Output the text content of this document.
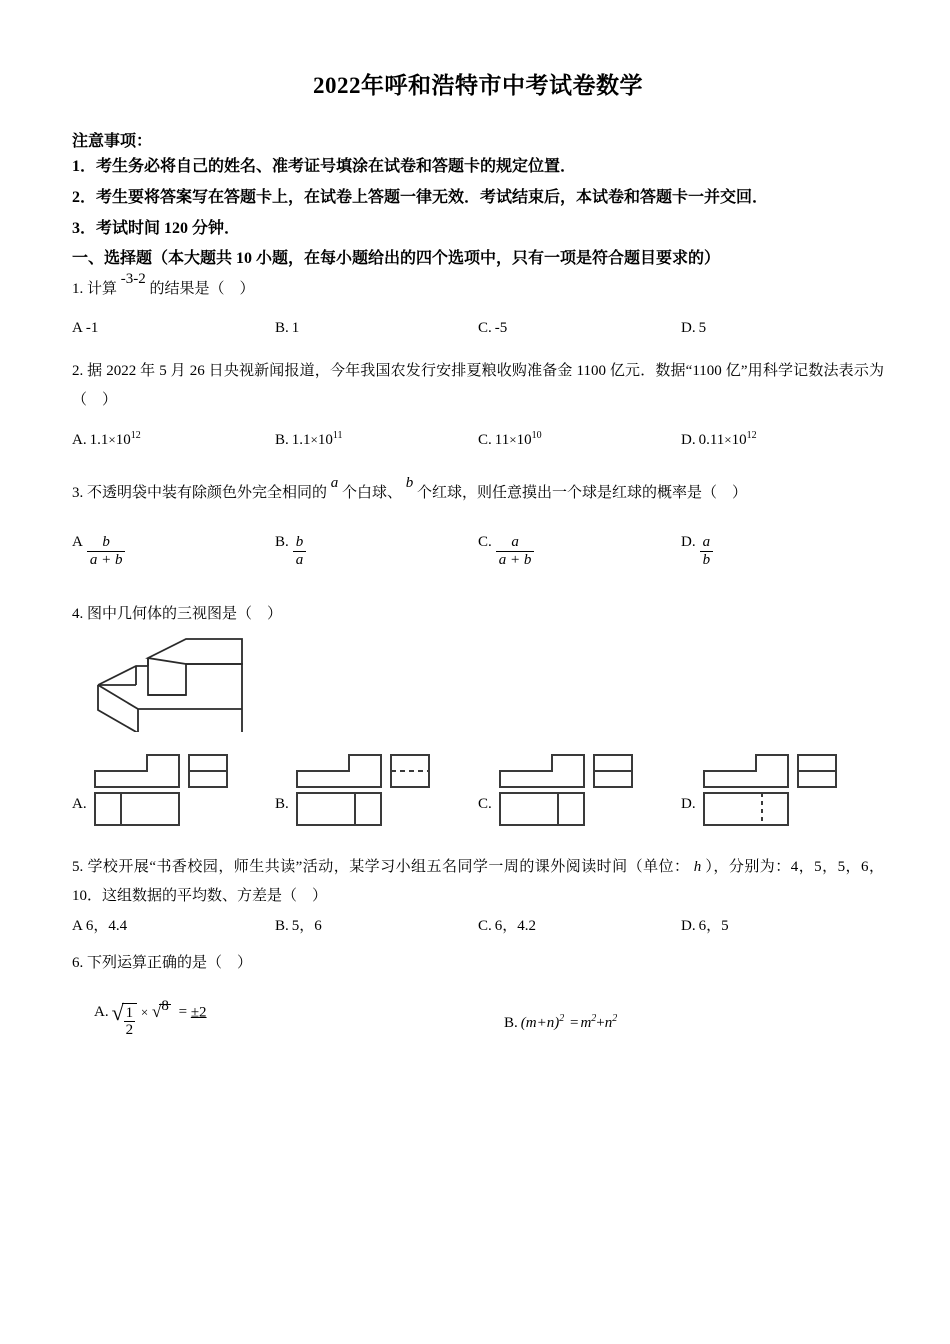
2022年呼和浩特市中考试卷数学
注意事项：
1．考生务必将自己的姓名、准考证号填涂在试卷和答题卡的规定位置．
2．考生要将答案写在答题卡上，在试卷上答题一律无效．考试结束后，本试卷和答题卡一并交回．
3．考试时间 120 分钟．
一、选择题（本大题共 10 小题，在每小题给出的四个选项中，只有一项是符合题目要求的）
1. 计算 -3-2 的结果是（　）
A -1	B. 1	C. -5	D. 5
2. 据 2022 年 5 月 26 日央视新闻报道，今年我国农发行安排夏粮收购准备金 1100 亿元．数据“1100 亿”用科学记数法表示为（　）
A. $1.1\times 10^{12}$	B. $1.1\times 10^{11}$	C. $11\times 10^{10}$	D. $0.11\times 10^{12}$
3. 不透明袋中装有除颜色外完全相同的 a 个白球、 b 个红球，则任意摸出一个球是红球的概率是（　）
A $\frac{b}{a + b}$	B. $\frac{b}{a}$	C. $\frac{a}{a + b}$	D. $\frac{a}{b}$
4. 图中几何体的三视图是（　）
A.	B.	C.	D.
5. 学校开展“书香校园，师生共读”活动，某学习小组五名同学一周的课外阅读时间（单位： h ），分别为：4，5，5，6，10．这组数据的平均数、方差是（　）
A 6，4.4	B. 5，6	C. 6，4.2	D. 6，5
6. 下列运算正确的是（　）
A. √ $\frac{1}{2}$ × √ 8 = ±2
B. $(m+n)^2 = m^2+n^2$
